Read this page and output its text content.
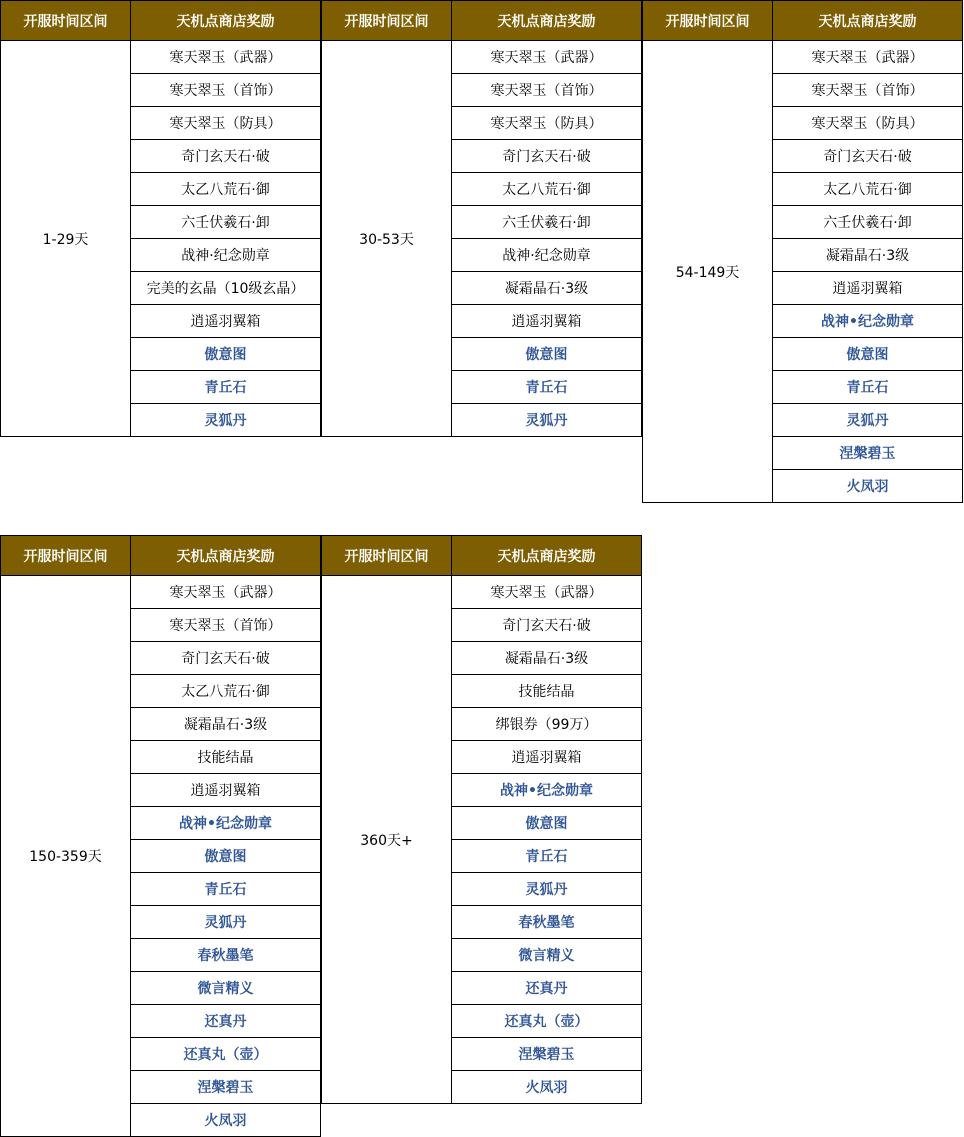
开服时间区间	天机点商店奖励
1-29天	寒天翠玉（武器）
	寒天翠玉（首饰）
	寒天翠玉（防具）
	奇门玄天石·破
	太乙八荒石·御
	六壬伏羲石·卸
	战神·纪念勋章
	完美的玄晶（10级玄晶）
	逍遥羽翼箱
	傲意图
	青丘石
	灵狐丹
开服时间区间	天机点商店奖励
30-53天	寒天翠玉（武器）
	寒天翠玉（首饰）
	寒天翠玉（防具）
	奇门玄天石·破
	太乙八荒石·御
	六壬伏羲石·卸
	战神·纪念勋章
	凝霜晶石·3级
	逍遥羽翼箱
	傲意图
	青丘石
	灵狐丹
开服时间区间	天机点商店奖励
54-149天	寒天翠玉（武器）
	寒天翠玉（首饰）
	寒天翠玉（防具）
	奇门玄天石·破
	太乙八荒石·御
	六壬伏羲石·卸
	凝霜晶石·3级
	逍遥羽翼箱
	战神•纪念勋章
	傲意图
	青丘石
	灵狐丹
	涅槃碧玉
	火凤羽
开服时间区间	天机点商店奖励
150-359天	寒天翠玉（武器）
	寒天翠玉（首饰）
	奇门玄天石·破
	太乙八荒石·御
	凝霜晶石·3级
	技能结晶
	逍遥羽翼箱
	战神•纪念勋章
	傲意图
	青丘石
	灵狐丹
	春秋墨笔
	微言精义
	还真丹
	还真丸（壶）
	涅槃碧玉
	火凤羽
开服时间区间	天机点商店奖励
360天+	寒天翠玉（武器）
	奇门玄天石·破
	凝霜晶石·3级
	技能结晶
	绑银券（99万）
	逍遥羽翼箱
	战神•纪念勋章
	傲意图
	青丘石
	灵狐丹
	春秋墨笔
	微言精义
	还真丹
	还真丸（壶）
	涅槃碧玉
	火凤羽
